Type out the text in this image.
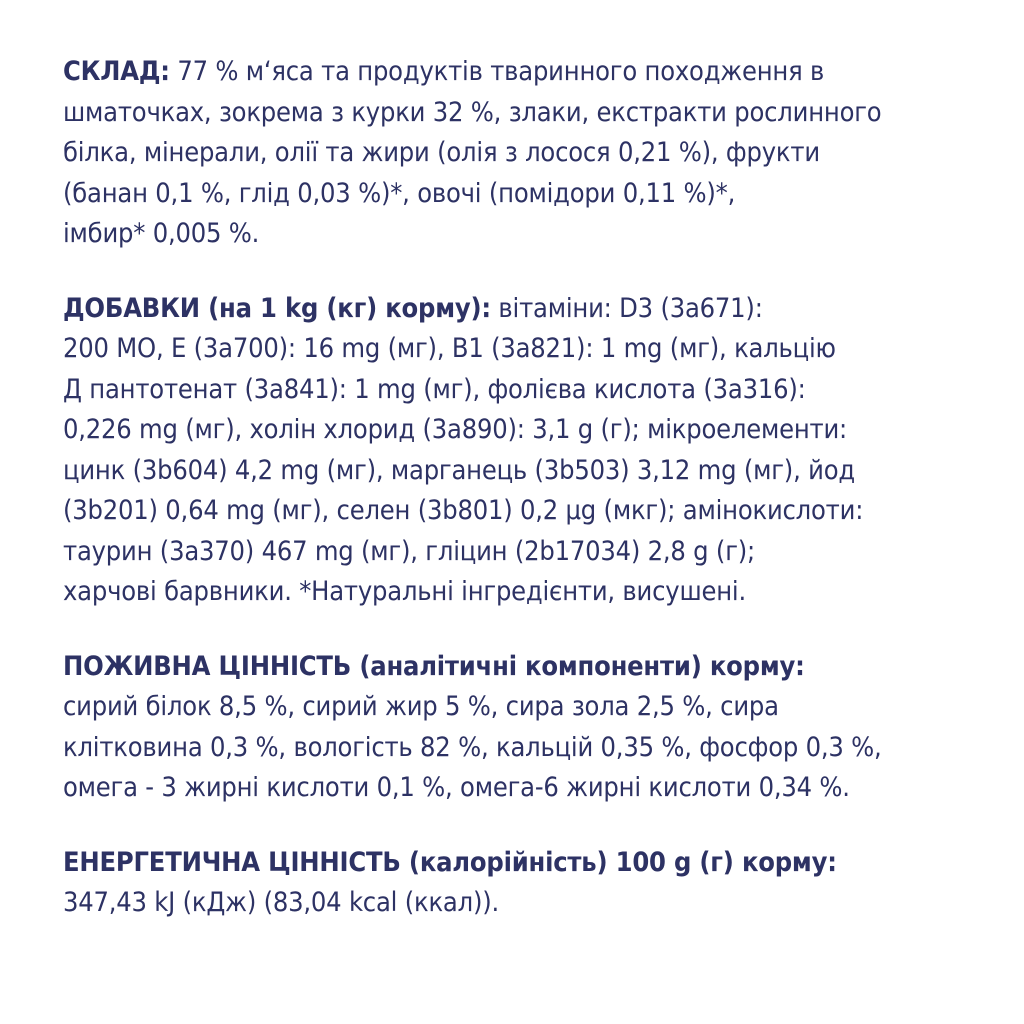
СКЛАД: 77 % м‘яса та продуктів тваринного походження в
шматочках, зокрема з курки 32 %, злаки, екстракти рослинного
білка, мінерали, олії та жири (олія з лосося 0,21 %), фрукти
(банан 0,1 %, глід 0,03 %)*, овочі (помідори 0,11 %)*,
імбир* 0,005 %.
ДОБАВКИ (на 1 kg (кг) корму): вітаміни: D3 (3a671):
200 МО, E (3a700): 16 mg (мг), B1 (3a821): 1 mg (мг), кальцію
Д пантотенат (3a841): 1 mg (мг), фолієва кислота (3a316):
0,226 mg (мг), холін хлорид (3a890): 3,1 g (г); мікроелементи:
цинк (3b604) 4,2 mg (мг), марганець (3b503) 3,12 mg (мг), йод
(3b201) 0,64 mg (мг), селен (3b801) 0,2 µg (мкг); амінокислоти:
таурин (3a370) 467 mg (мг), гліцин (2b17034) 2,8 g (г);
харчові барвники. *Натуральні інгредієнти, висушені.
ПОЖИВНА ЦІННІСТЬ (аналітичні компоненти) корму:
сирий білок 8,5 %, сирий жир 5 %, сира зола 2,5 %, сира
клітковина 0,3 %, вологість 82 %, кальцій 0,35 %, фосфор 0,3 %,
омега - 3 жирні кислоти 0,1 %, омега-6 жирні кислоти 0,34 %.
ЕНЕРГЕТИЧНА ЦІННІСТЬ (калорійність) 100 g (г) корму:
347,43 kJ (кДж) (83,04 kcal (ккал)).
